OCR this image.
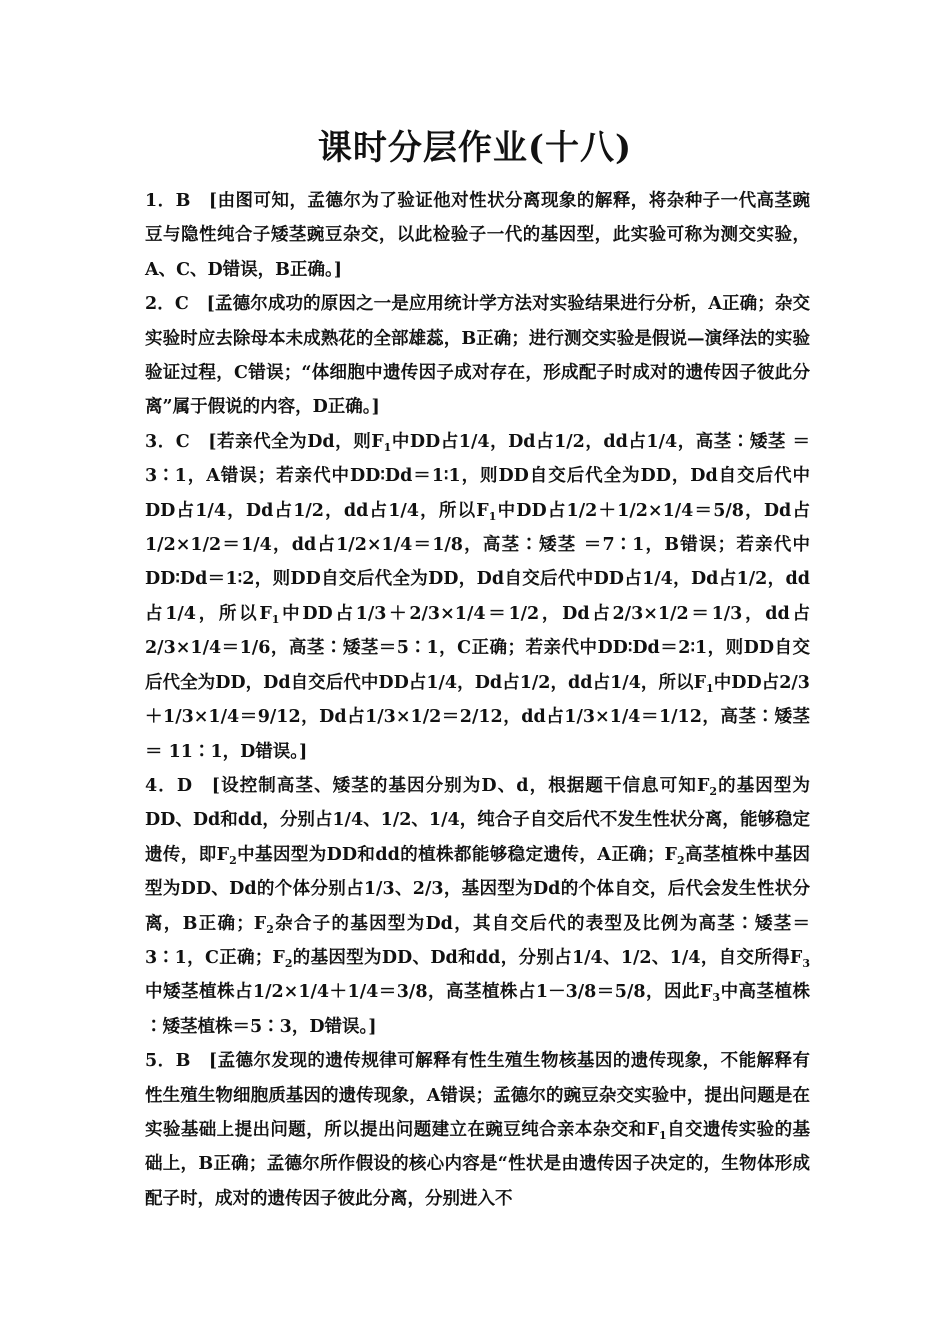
课时分层作业(十八)

1．B　 [由图可知，孟德尔为了验证他对性状分离现象的解释，将杂种子一代高茎豌豆与隐性纯合子矮茎豌豆杂交，以此检验子一代的基因型，此实验可称为测交实验，A、C、D错误，B正确。]

2．C　 [孟德尔成功的原因之一是应用统计学方法对实验结果进行分析，A正确；杂交实验时应去除母本未成熟花的全部雄蕊，B正确；进行测交实验是假说—演绎法的实验验证过程，C错误；“体细胞中遗传因子成对存在，形成配子时成对的遗传因子彼此分离”属于假说的内容，D正确。]

3．C　 [若亲代全为Dd，则$F_1$中DD占1/4，Dd占1/2，dd占1/4，高茎∶矮茎 ＝ 3∶1，A错误；若亲代中DD∶Dd＝1∶1，则DD自交后代全为DD，Dd自交后代中DD占1/4，Dd占1/2，dd占1/4，所以$F_1$中DD占1/2＋1/2×1/4＝5/8，Dd占1/2×1/2＝1/4，dd占1/2×1/4＝1/8，高茎∶矮茎 ＝7∶1，B错误；若亲代中DD∶Dd＝1∶2，则DD自交后代全为DD，Dd自交后代中DD占1/4，Dd占1/2，dd占1/4，所以$F_1$中DD占1/3＋2/3×1/4＝1/2，Dd占2/3×1/2＝1/3，dd占2/3×1/4＝1/6，高茎∶矮茎＝5∶1，C正确；若亲代中DD∶Dd＝2∶1，则DD自交后代全为DD，Dd自交后代中DD占1/4，Dd占1/2，dd占1/4，所以$F_1$中DD占2/3＋1/3×1/4＝9/12，Dd占1/3×1/2＝2/12，dd占1/3×1/4＝1/12，高茎∶矮茎＝ 11∶1，D错误。]

4．D　 [设控制高茎、矮茎的基因分别为D、d，根据题干信息可知$F_2$的基因型为DD、Dd和dd，分别占1/4、1/2、1/4，纯合子自交后代不发生性状分离，能够稳定遗传，即$F_2$中基因型为DD和dd的植株都能够稳定遗传，A正确；$F_2$高茎植株中基因型为DD、Dd的个体分别占1/3、2/3，基因型为Dd的个体自交，后代会发生性状分离，B正确；$F_2$杂合子的基因型为Dd，其自交后代的表型及比例为高茎∶矮茎＝3∶1，C正确；$F_2$的基因型为DD、Dd和dd，分别占1/4、1/2、1/4，自交所得$F_3$中矮茎植株占1/2×1/4＋1/4＝3/8，高茎植株占1－3/8＝5/8，因此$F_3$中高茎植株∶矮茎植株＝5∶3，D错误。]

5．B　 [孟德尔发现的遗传规律可解释有性生殖生物核基因的遗传现象，不能解释有性生殖生物细胞质基因的遗传现象，A错误；孟德尔的豌豆杂交实验中，提出问题是在实验基础上提出问题，所以提出问题建立在豌豆纯合亲本杂交和$F_1$自交遗传实验的基础上，B正确；孟德尔所作假设的核心内容是“性状是由遗传因子决定的，生物体形成配子时，成对的遗传因子彼此分离，分别进入不
